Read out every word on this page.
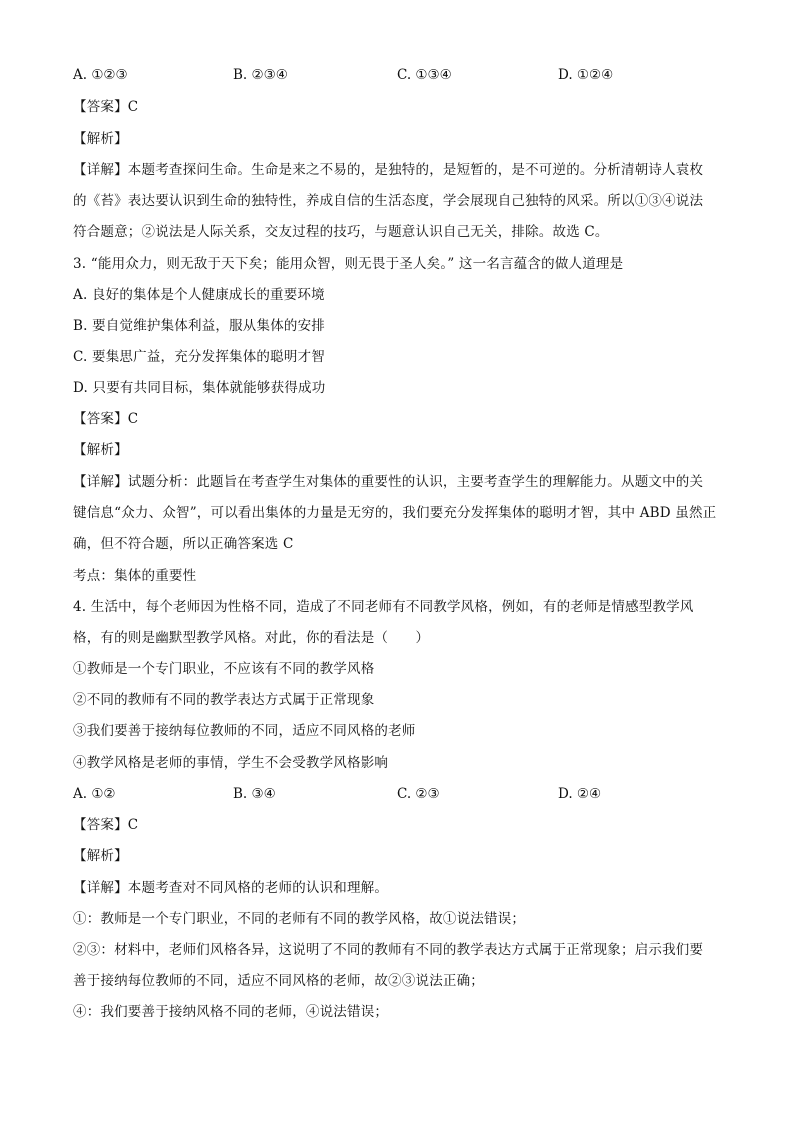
A. ①②③	B. ②③④	C. ①③④	D. ①②④
【答案】C
【解析】
【详解】本题考查探问生命。生命是来之不易的，是独特的，是短暂的，是不可逆的。分析清朝诗人袁枚
的《苔》表达要认识到生命的独特性，养成自信的生活态度，学会展现自己独特的风采。所以①③④说法
符合题意；②说法是人际关系，交友过程的技巧，与题意认识自己无关，排除。故选 C。
3. “能用众力，则无敌于天下矣；能用众智，则无畏于圣人矣。” 这一名言蕴含的做人道理是
A. 良好的集体是个人健康成长的重要环境
B. 要自觉维护集体利益，服从集体的安排
C. 要集思广益，充分发挥集体的聪明才智
D. 只要有共同目标，集体就能够获得成功
【答案】C
【解析】
【详解】试题分析：此题旨在考查学生对集体的重要性的认识，主要考查学生的理解能力。从题文中的关
键信息“众力、众智”，可以看出集体的力量是无穷的，我们要充分发挥集体的聪明才智，其中 ABD 虽然正
确，但不符合题，所以正确答案选 C
考点：集体的重要性
4. 生活中，每个老师因为性格不同，造成了不同老师有不同教学风格，例如，有的老师是情感型教学风
格，有的则是幽默型教学风格。对此，你的看法是（　　）
①教师是一个专门职业，不应该有不同的教学风格
②不同的教师有不同的教学表达方式属于正常现象
③我们要善于接纳每位教师的不同，适应不同风格的老师
④教学风格是老师的事情，学生不会受教学风格影响
A. ①②	B. ③④	C. ②③	D. ②④
【答案】C
【解析】
【详解】本题考查对不同风格的老师的认识和理解。
①：教师是一个专门职业，不同的老师有不同的教学风格，故①说法错误；
②③：材料中，老师们风格各异，这说明了不同的教师有不同的教学表达方式属于正常现象；启示我们要
善于接纳每位教师的不同，适应不同风格的老师，故②③说法正确；
④：我们要善于接纳风格不同的老师，④说法错误；
